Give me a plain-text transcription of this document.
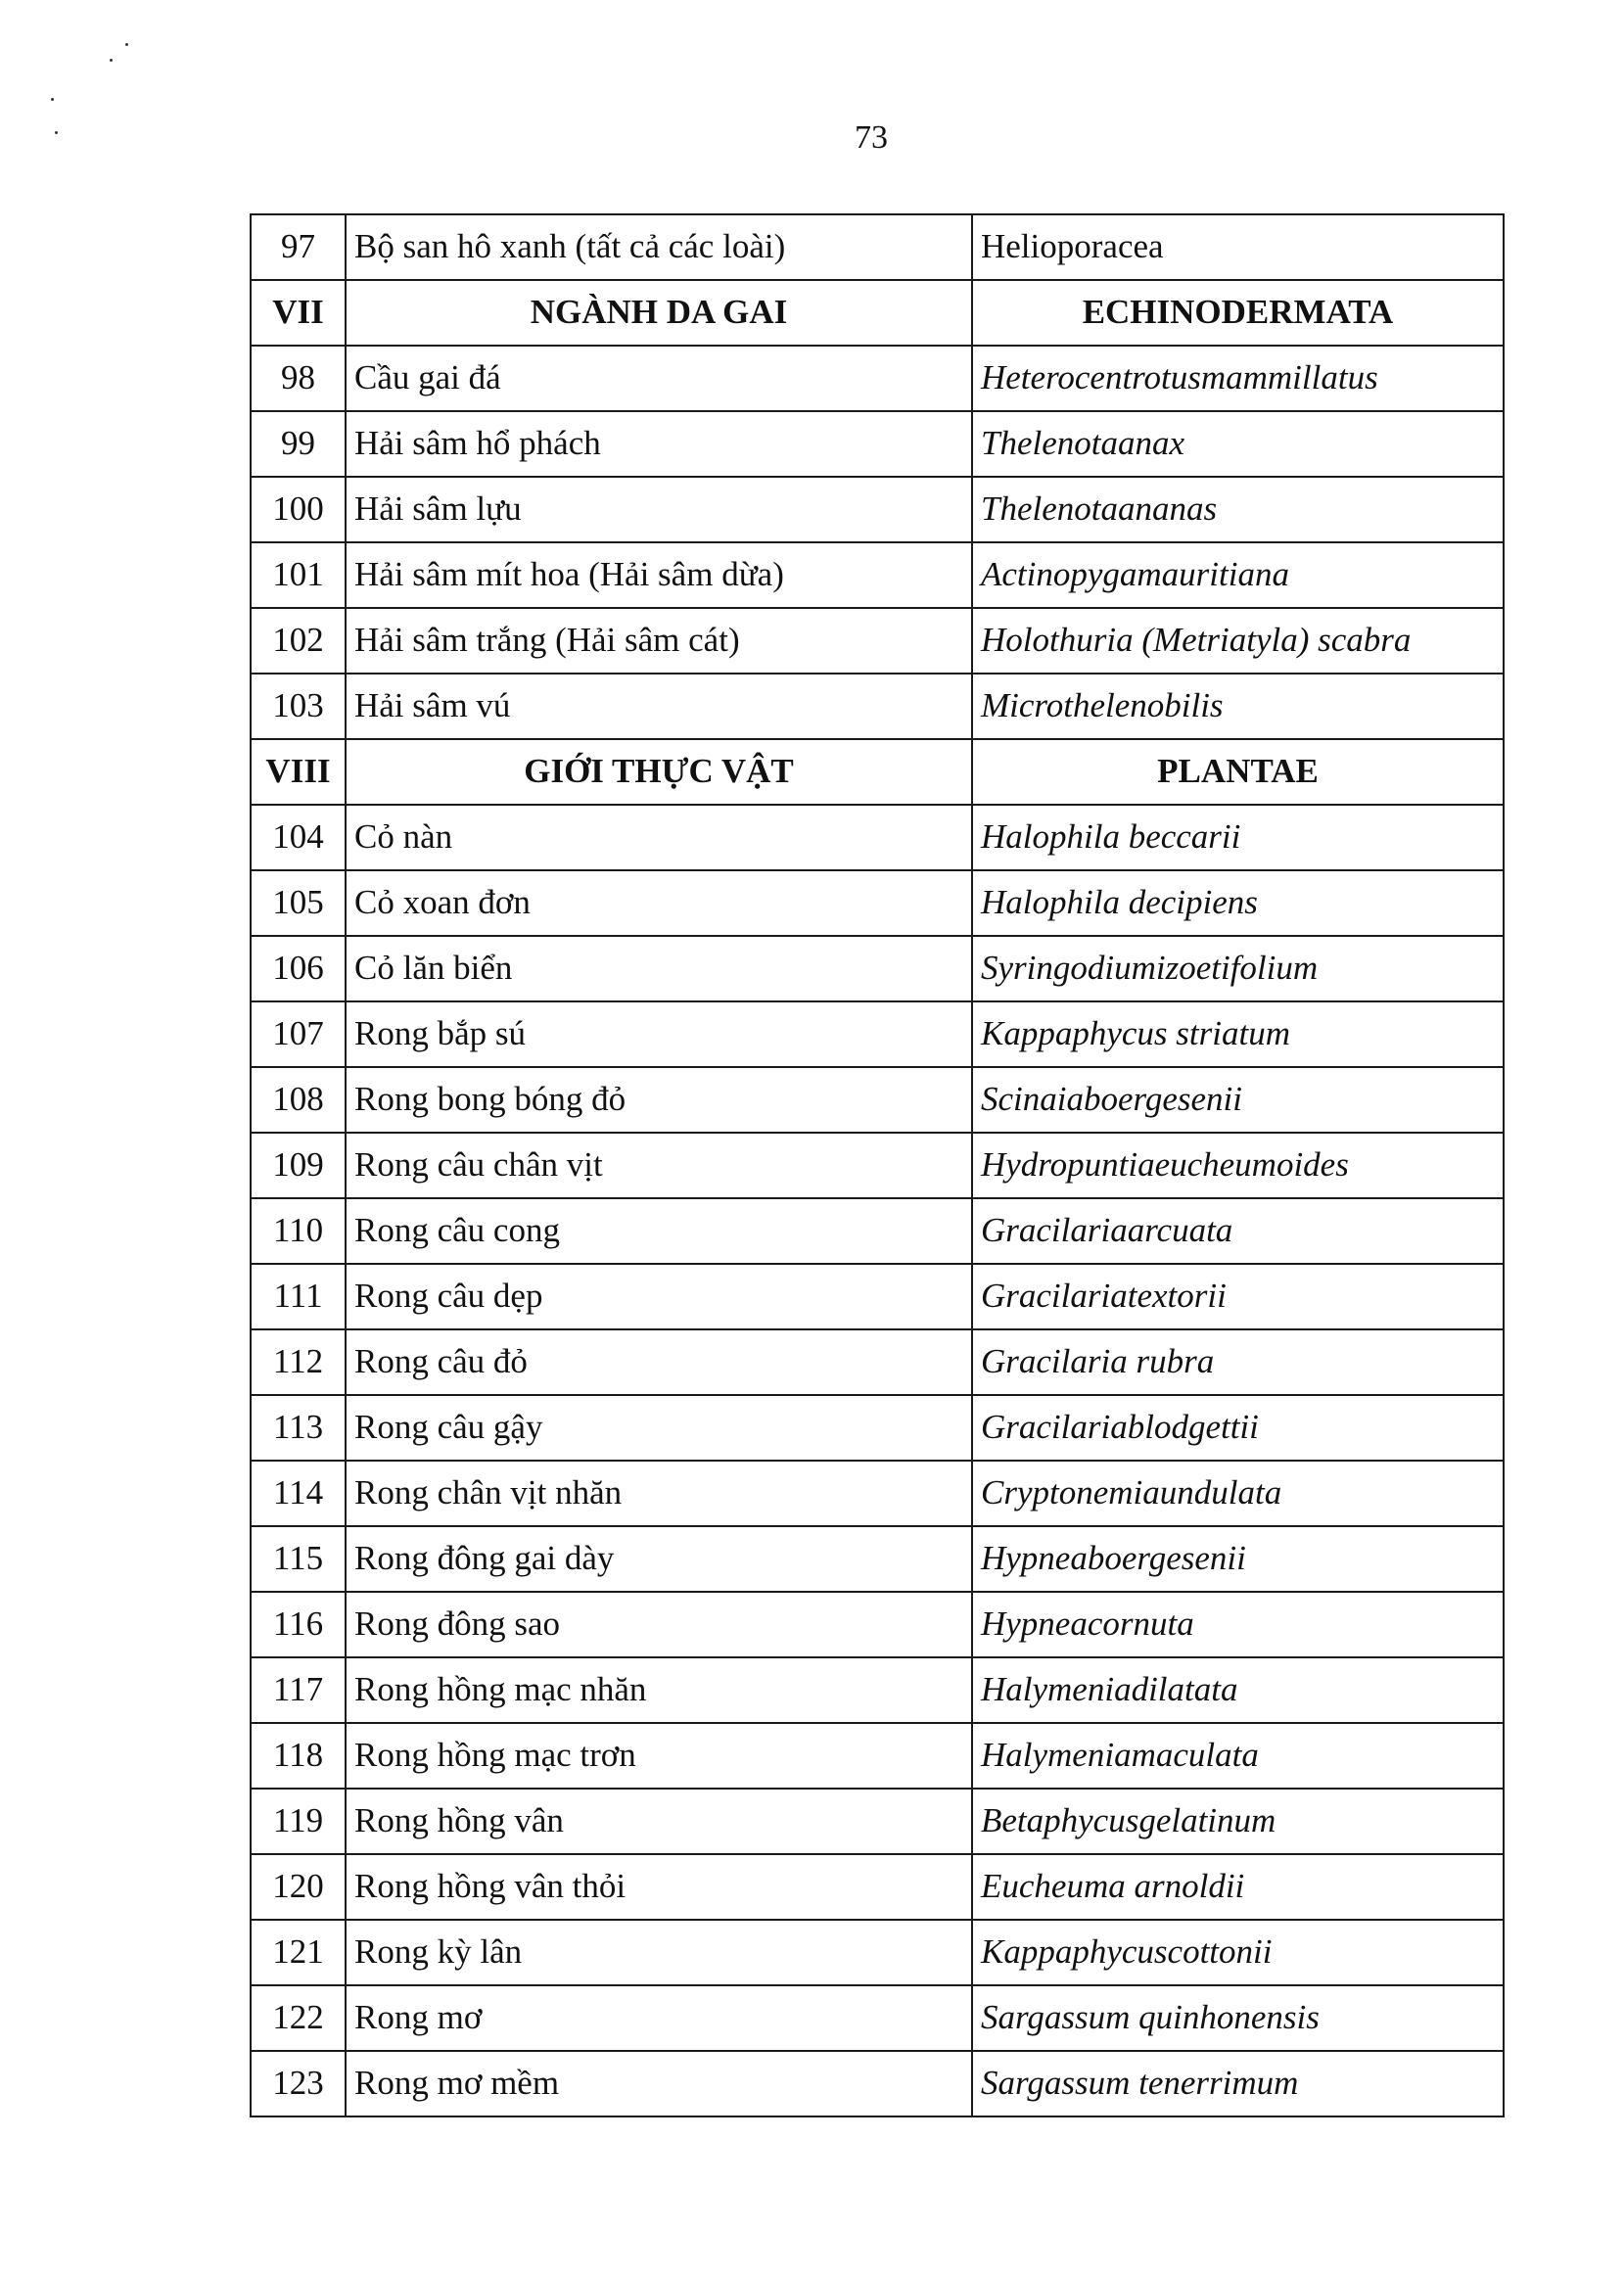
73
97	Bộ san hô xanh (tất cả các loài)	Helioporacea
VII	NGÀNH DA GAI	ECHINODERMATA
98	Cầu gai đá	Heterocentrotusmammillatus
99	Hải sâm hổ phách	Thelenotaanax
100	Hải sâm lựu	Thelenotaananas
101	Hải sâm mít hoa (Hải sâm dừa)	Actinopygamauritiana
102	Hải sâm trắng (Hải sâm cát)	Holothuria (Metriatyla) scabra
103	Hải sâm vú	Microthelenobilis
VIII	GIỚI THỰC VẬT	PLANTAE
104	Cỏ nàn	Halophila beccarii
105	Cỏ xoan đơn	Halophila decipiens
106	Cỏ lăn biển	Syringodiumizoetifolium
107	Rong bắp sú	Kappaphycus striatum
108	Rong bong bóng đỏ	Scinaiaboergesenii
109	Rong câu chân vịt	Hydropuntiaeucheumoides
110	Rong câu cong	Gracilariaarcuata
111	Rong câu dẹp	Gracilariatextorii
112	Rong câu đỏ	Gracilaria rubra
113	Rong câu gậy	Gracilariablodgettii
114	Rong chân vịt nhăn	Cryptonemiaundulata
115	Rong đông gai dày	Hypneaboergesenii
116	Rong đông sao	Hypneacornuta
117	Rong hồng mạc nhăn	Halymeniadilatata
118	Rong hồng mạc trơn	Halymeniamaculata
119	Rong hồng vân	Betaphycusgelatinum
120	Rong hồng vân thỏi	Eucheuma arnoldii
121	Rong kỳ lân	Kappaphycuscottonii
122	Rong mơ	Sargassum quinhonensis
123	Rong mơ mềm	Sargassum tenerrimum
